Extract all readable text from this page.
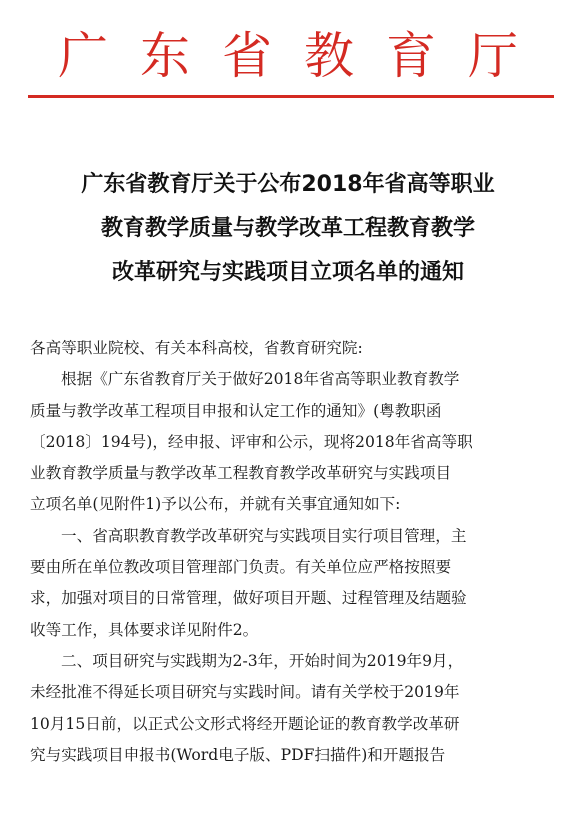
广东省教育厅
广东省教育厅关于公布2018年省高等职业
教育教学质量与教学改革工程教育教学
改革研究与实践项目立项名单的通知
各高等职业院校、有关本科高校，省教育研究院:
根据《广东省教育厅关于做好2018年省高等职业教育教学
质量与教学改革工程项目申报和认定工作的通知》(粤教职函
〔2018〕194号)，经申报、评审和公示，现将2018年省高等职
业教育教学质量与教学改革工程教育教学改革研究与实践项目
立项名单(见附件1)予以公布，并就有关事宜通知如下:
一、省高职教育教学改革研究与实践项目实行项目管理，主
要由所在单位教改项目管理部门负责。有关单位应严格按照要
求，加强对项目的日常管理，做好项目开题、过程管理及结题验
收等工作，具体要求详见附件2。
二、项目研究与实践期为2-3年，开始时间为2019年9月，
未经批准不得延长项目研究与实践时间。请有关学校于2019年
10月15日前，以正式公文形式将经开题论证的教育教学改革研
究与实践项目申报书(Word电子版、PDF扫描件)和开题报告
